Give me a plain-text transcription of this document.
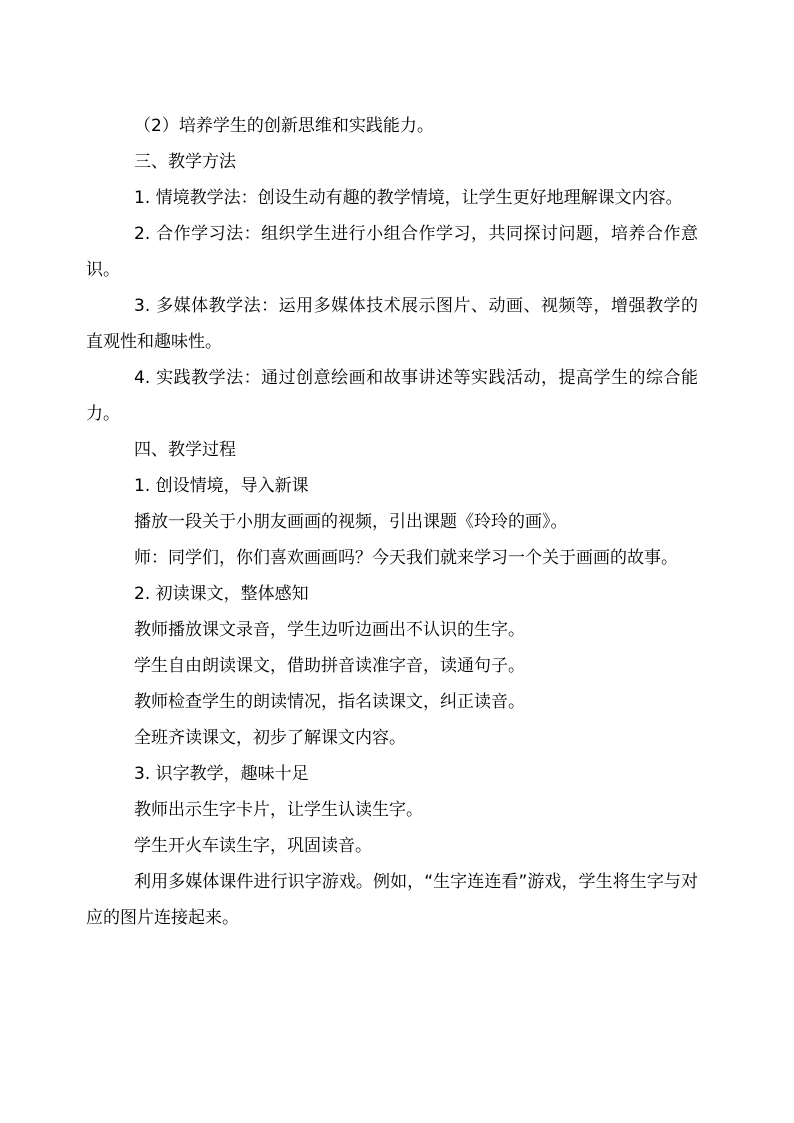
（2）培养学生的创新思维和实践能力。

三、教学方法

1. 情境教学法：创设生动有趣的教学情境，让学生更好地理解课文内容。

2. 合作学习法：组织学生进行小组合作学习，共同探讨问题，培养合作意识。

3. 多媒体教学法：运用多媒体技术展示图片、动画、视频等，增强教学的直观性和趣味性。

4. 实践教学法：通过创意绘画和故事讲述等实践活动，提高学生的综合能力。

四、教学过程

1. 创设情境，导入新课

播放一段关于小朋友画画的视频，引出课题《玲玲的画》。

师：同学们，你们喜欢画画吗？今天我们就来学习一个关于画画的故事。

2. 初读课文，整体感知

教师播放课文录音，学生边听边画出不认识的生字。

学生自由朗读课文，借助拼音读准字音，读通句子。

教师检查学生的朗读情况，指名读课文，纠正读音。

全班齐读课文，初步了解课文内容。

3. 识字教学，趣味十足

教师出示生字卡片，让学生认读生字。

学生开火车读生字，巩固读音。

利用多媒体课件进行识字游戏。例如，“生字连连看”游戏，学生将生字与对应的图片连接起来。
